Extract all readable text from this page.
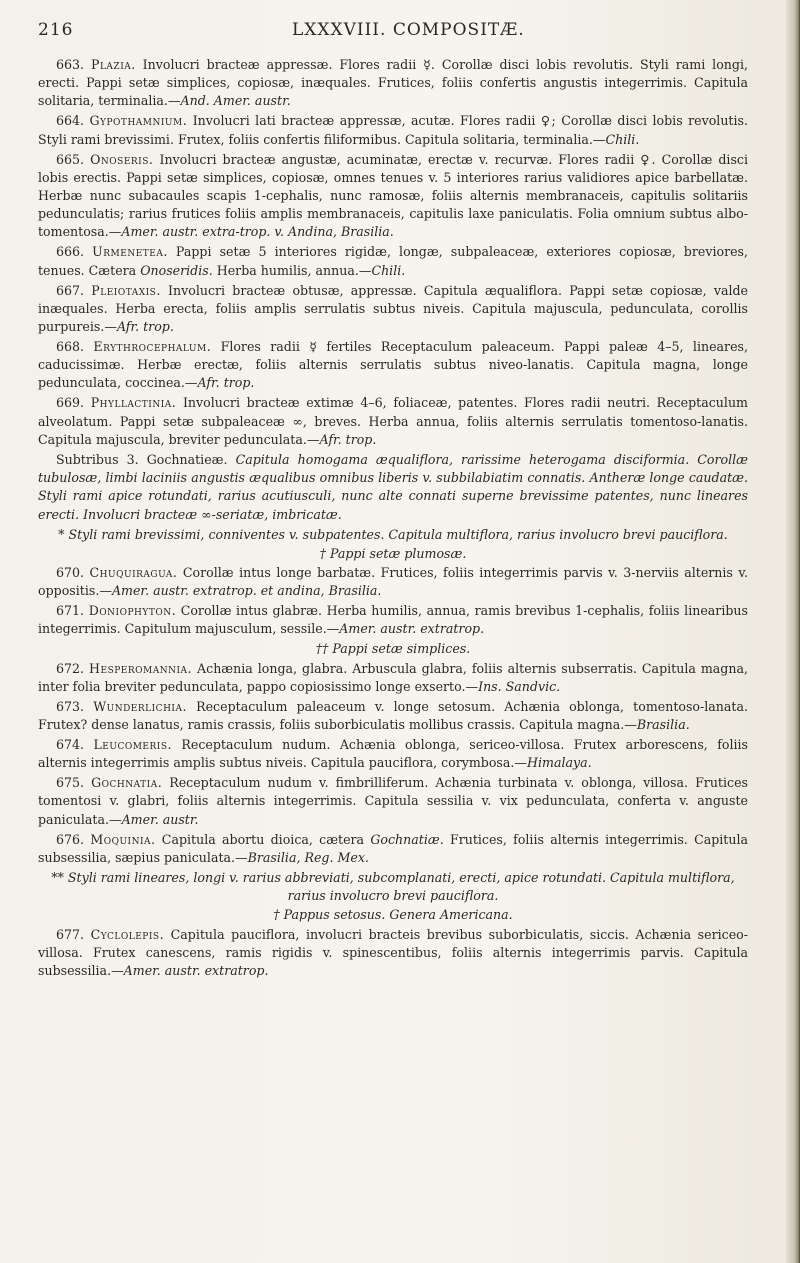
216	LXXXVIII. COMPOSITÆ.

663. Plazia. Involucri bracteæ appressæ. Flores radii ☿. Corollæ disci lobis revolutis. Styli rami longi, erecti. Pappi setæ simplices, copiosæ, inæquales. Frutices, foliis confertis angustis integerrimis. Capitula solitaria, terminalia.—And. Amer. austr.

664. Gypothamnium. Involucri lati bracteæ appressæ, acutæ. Flores radii ♀; Corollæ disci lobis revolutis. Styli rami brevissimi. Frutex, foliis confertis filiformibus. Capitula solitaria, terminalia.—Chili.

665. Onoseris. Involucri bracteæ angustæ, acuminatæ, erectæ v. recurvæ. Flores radii ♀. Corollæ disci lobis erectis. Pappi setæ simplices, copiosæ, omnes tenues v. 5 interiores rarius validiores apice barbellatæ. Herbæ nunc subacaules scapis 1-cephalis, nunc ramosæ, foliis alternis membranaceis, capitulis solitariis pedunculatis; rarius frutices foliis amplis membranaceis, capitulis laxe paniculatis. Folia omnium subtus albo-tomentosa.—Amer. austr. extra-trop. v. Andina, Brasilia.

666. Urmenetea. Pappi setæ 5 interiores rigidæ, longæ, subpaleaceæ, exteriores copiosæ, breviores, tenues. Cætera Onoseridis. Herba humilis, annua.—Chili.

667. Pleiotaxis. Involucri bracteæ obtusæ, appressæ. Capitula æqualiflora. Pappi setæ copiosæ, valde inæquales. Herba erecta, foliis amplis serrulatis subtus niveis. Capitula majuscula, pedunculata, corollis purpureis.—Afr. trop.

668. Erythrocephalum. Flores radii ☿ fertiles Receptaculum paleaceum. Pappi paleæ 4–5, lineares, caducissimæ. Herbæ erectæ, foliis alternis serrulatis subtus niveo-lanatis. Capitula magna, longe pedunculata, coccinea.—Afr. trop.

669. Phyllactinia. Involucri bracteæ extimæ 4–6, foliaceæ, patentes. Flores radii neutri. Receptaculum alveolatum. Pappi setæ subpaleaceæ ∞, breves. Herba annua, foliis alternis serrulatis tomentoso-lanatis. Capitula majuscula, breviter pedunculata.—Afr. trop.

Subtribus 3. Gochnatieæ. Capitula homogama æqualiflora, rarissime heterogama disciformia. Corollæ tubulosæ, limbi laciniis angustis æqualibus omnibus liberis v. subbilabiatim connatis. Antheræ longe caudatæ. Styli rami apice rotundati, rarius acutiusculi, nunc alte connati superne brevissime patentes, nunc lineares erecti. Involucri bracteæ ∞-seriatæ, imbricatæ.

* Styli rami brevissimi, conniventes v. subpatentes. Capitula multiflora, rarius involucro brevi pauciflora.

† Pappi setæ plumosæ.

670. Chuquiragua. Corollæ intus longe barbatæ. Frutices, foliis integerrimis parvis v. 3-nerviis alternis v. oppositis.—Amer. austr. extratrop. et andina, Brasilia.

671. Doniophyton. Corollæ intus glabræ. Herba humilis, annua, ramis brevibus 1-cephalis, foliis linearibus integerrimis. Capitulum majusculum, sessile.—Amer. austr. extratrop.

†† Pappi setæ simplices.

672. Hesperomannia. Achænia longa, glabra. Arbuscula glabra, foliis alternis subserratis. Capitula magna, inter folia breviter pedunculata, pappo copiosissimo longe exserto.—Ins. Sandvic.

673. Wunderlichia. Receptaculum paleaceum v. longe setosum. Achænia oblonga, tomentoso-lanata. Frutex? dense lanatus, ramis crassis, foliis suborbiculatis mollibus crassis. Capitula magna.—Brasilia.

674. Leucomeris. Receptaculum nudum. Achænia oblonga, sericeo-villosa. Frutex arborescens, foliis alternis integerrimis amplis subtus niveis. Capitula pauciflora, corymbosa.—Himalaya.

675. Gochnatia. Receptaculum nudum v. fimbrilliferum. Achænia turbinata v. oblonga, villosa. Frutices tomentosi v. glabri, foliis alternis integerrimis. Capitula sessilia v. vix pedunculata, conferta v. anguste paniculata.—Amer. austr.

676. Moquinia. Capitula abortu dioica, cætera Gochnatiæ. Frutices, foliis alternis integerrimis. Capitula subsessilia, sæpius paniculata.—Brasilia, Reg. Mex.

** Styli rami lineares, longi v. rarius abbreviati, subcomplanati, erecti, apice rotundati. Capitula multiflora, rarius involucro brevi pauciflora.

† Pappus setosus. Genera Americana.

677. Cyclolepis. Capitula pauciflora, involucri bracteis brevibus suborbiculatis, siccis. Achænia sericeo-villosa. Frutex canescens, ramis rigidis v. spinescentibus, foliis alternis integerrimis parvis. Capitula subsessilia.—Amer. austr. extratrop.
